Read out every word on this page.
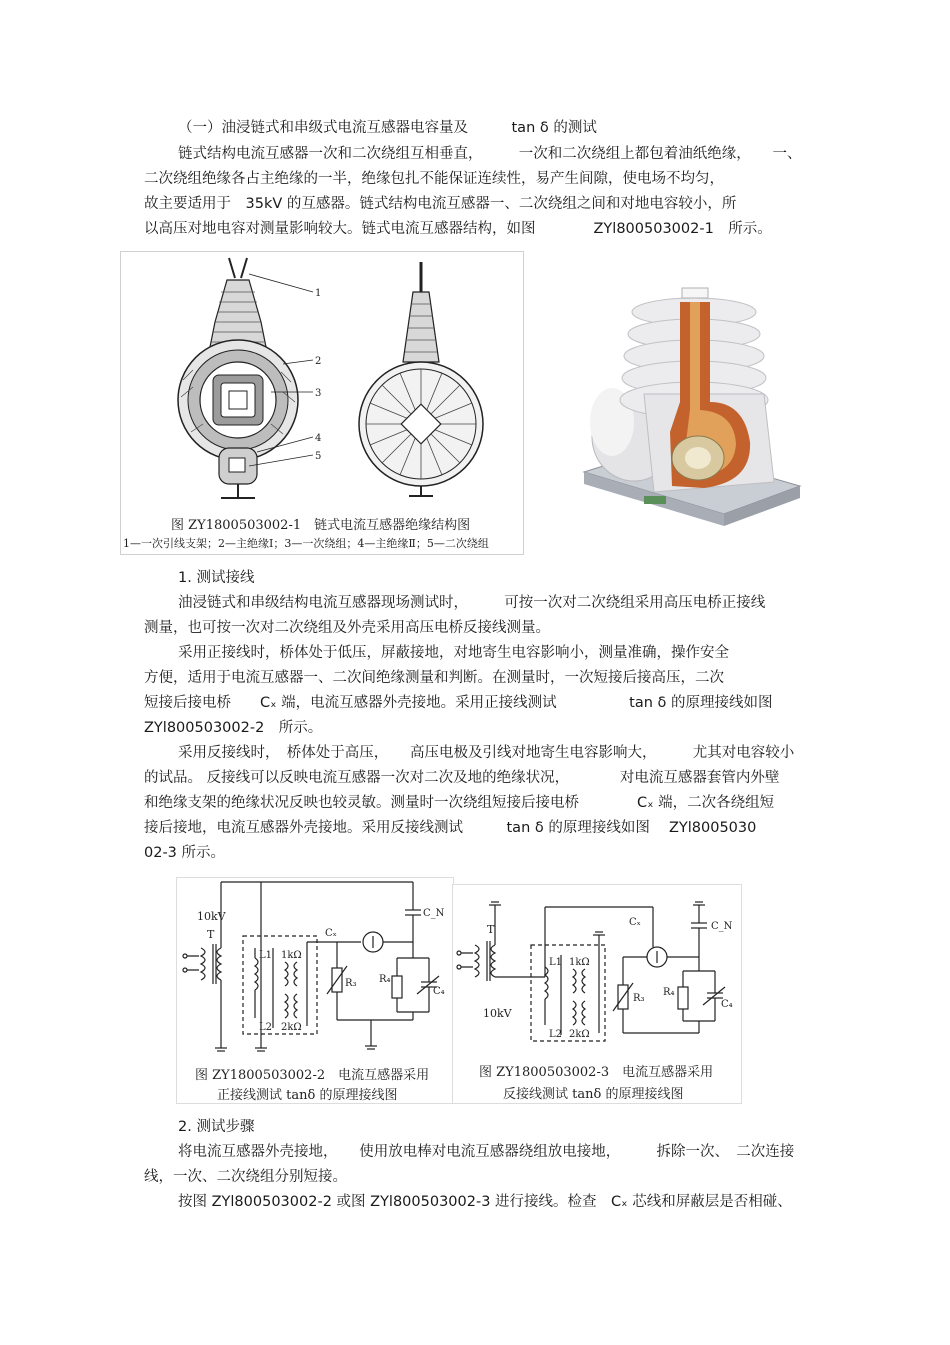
（一）油浸链式和串级式电流互感器电容量及　　　tan δ 的测试
链式结构电流互感器一次和二次绕组互相垂直，　　　一次和二次绕组上都包着油纸绝缘，　　一、
二次绕组绝缘各占主绝缘的一半，绝缘包扎不能保证连续性，易产生间隙，使电场不均匀，
故主要适用于　35kV 的互感器。链式结构电流互感器一、二次绕组之间和对地电容较小，所
以高压对地电容对测量影响较大。链式电流互感器结构，如图　　　　ZYl800503002-1　所示。
1
2
3
4
5
图 ZY1800503002-1　链式电流互感器绝缘结构图
1—一次引线支架；2—主绝缘Ⅰ；3—一次绕组；4—主绝缘Ⅱ；5—二次绕组
1. 测试接线
油浸链式和串级结构电流互感器现场测试时，　　　可按一次对二次绕组采用高压电桥正接线
测量，也可按一次对二次绕组及外壳采用高压电桥反接线测量。
采用正接线时，桥体处于低压，屏蔽接地，对地寄生电容影响小，测量准确，操作安全
方便，适用于电流互感器一、二次间绝缘测量和判断。在测量时，一次短接后接高压，二次
短接后接电桥　　Cₓ 端，电流互感器外壳接地。采用正接线测试　　　　　tan δ 的原理接线如图
ZYl800503002-2　所示。
采用反接线时，　桥体处于高压，　　高压电极及引线对地寄生电容影响大，　　　尤其对电容较小
的试品。 反接线可以反映电流互感器一次对二次及地的绝缘状况，　　　　对电流互感器套管内外壁
和绝缘支架的绝缘状况反映也较灵敏。测量时一次绕组短接后接电桥　　　　Cₓ 端，二次各绕组短
接后接地，电流互感器外壳接地。采用反接线测试　　　tan δ 的原理接线如图　 ZYl8005030
02-3 所示。
10kV
T
L1
L2
1kΩ
2kΩ
Cₓ
C_N
R₃ R₄
C₄
图 ZY1800503002-2　电流互感器采用
正接线测试 tanδ 的原理接线图
T
10kV
L1
L2
1kΩ
2kΩ
Cₓ	C_N
R₃
R₄
C₄
图 ZY1800503002-3　电流互感器采用
反接线测试 tanδ 的原理接线图
2. 测试步骤
将电流互感器外壳接地，　　使用放电棒对电流互感器绕组放电接地，　　　拆除一次、　二次连接
线，一次、二次绕组分别短接。
按图 ZYl800503002-2 或图 ZYl800503002-3 进行接线。检查　Cₓ 芯线和屏蔽层是否相碰、
